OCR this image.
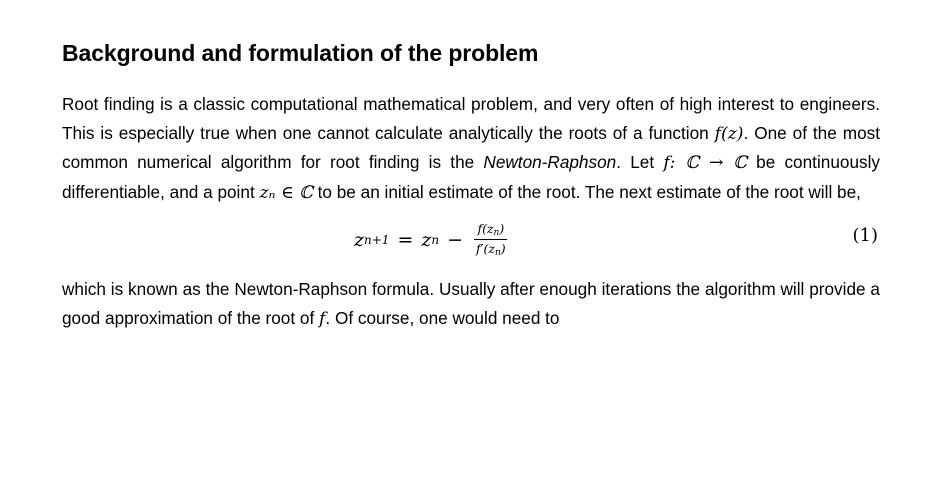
Background and formulation of the problem

Root finding is a classic computational mathematical problem, and very often of high interest to engineers. This is especially true when one cannot calculate analytically the roots of a function f(z). One of the most common numerical algorithm for root finding is the Newton-Raphson. Let f: ℂ → ℂ be continuously differentiable, and a point zₙ ∈ ℂ to be an initial estimate of the root. The next estimate of the root will be,

z n+1 = z $n - \frac{f(z_n)}{f'(z_n)}$	(1)

which is known as the Newton-Raphson formula. Usually after enough iterations the algorithm will provide a good approximation of the root of f. Of course, one would need to
